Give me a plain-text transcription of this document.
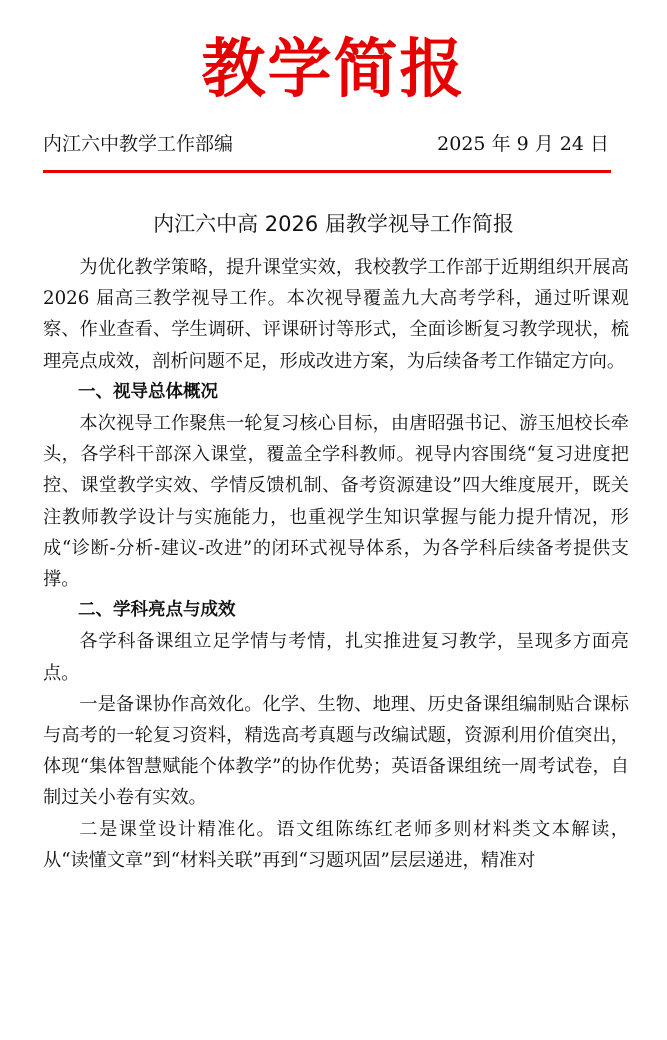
教学简报
内江六中教学工作部编	2025 年 9 月 24 日
内江六中高 2026 届教学视导工作简报

为优化教学策略，提升课堂实效，我校教学工作部于近期组织开展高 2026 届高三教学视导工作。本次视导覆盖九大高考学科，通过听课观察、作业查看、学生调研、评课研讨等形式，全面诊断复习教学现状，梳理亮点成效，剖析问题不足，形成改进方案，为后续备考工作锚定方向。

一、视导总体概况

本次视导工作聚焦一轮复习核心目标，由唐昭强书记、游玉旭校长牵头，各学科干部深入课堂，覆盖全学科教师。视导内容围绕“复习进度把控、课堂教学实效、学情反馈机制、备考资源建设”四大维度展开，既关注教师教学设计与实施能力，也重视学生知识掌握与能力提升情况，形成“诊断-分析-建议-改进”的闭环式视导体系，为各学科后续备考提供支撑。

二、学科亮点与成效

各学科备课组立足学情与考情，扎实推进复习教学，呈现多方面亮点。

一是备课协作高效化。化学、生物、地理、历史备课组编制贴合课标与高考的一轮复习资料，精选高考真题与改编试题，资源利用价值突出，体现“集体智慧赋能个体教学”的协作优势；英语备课组统一周考试卷，自制过关小卷有实效。

二是课堂设计精准化。语文组陈练红老师多则材料类文本解读，从“读懂文章”到“材料关联”再到“习题巩固”层层递进，精准对
